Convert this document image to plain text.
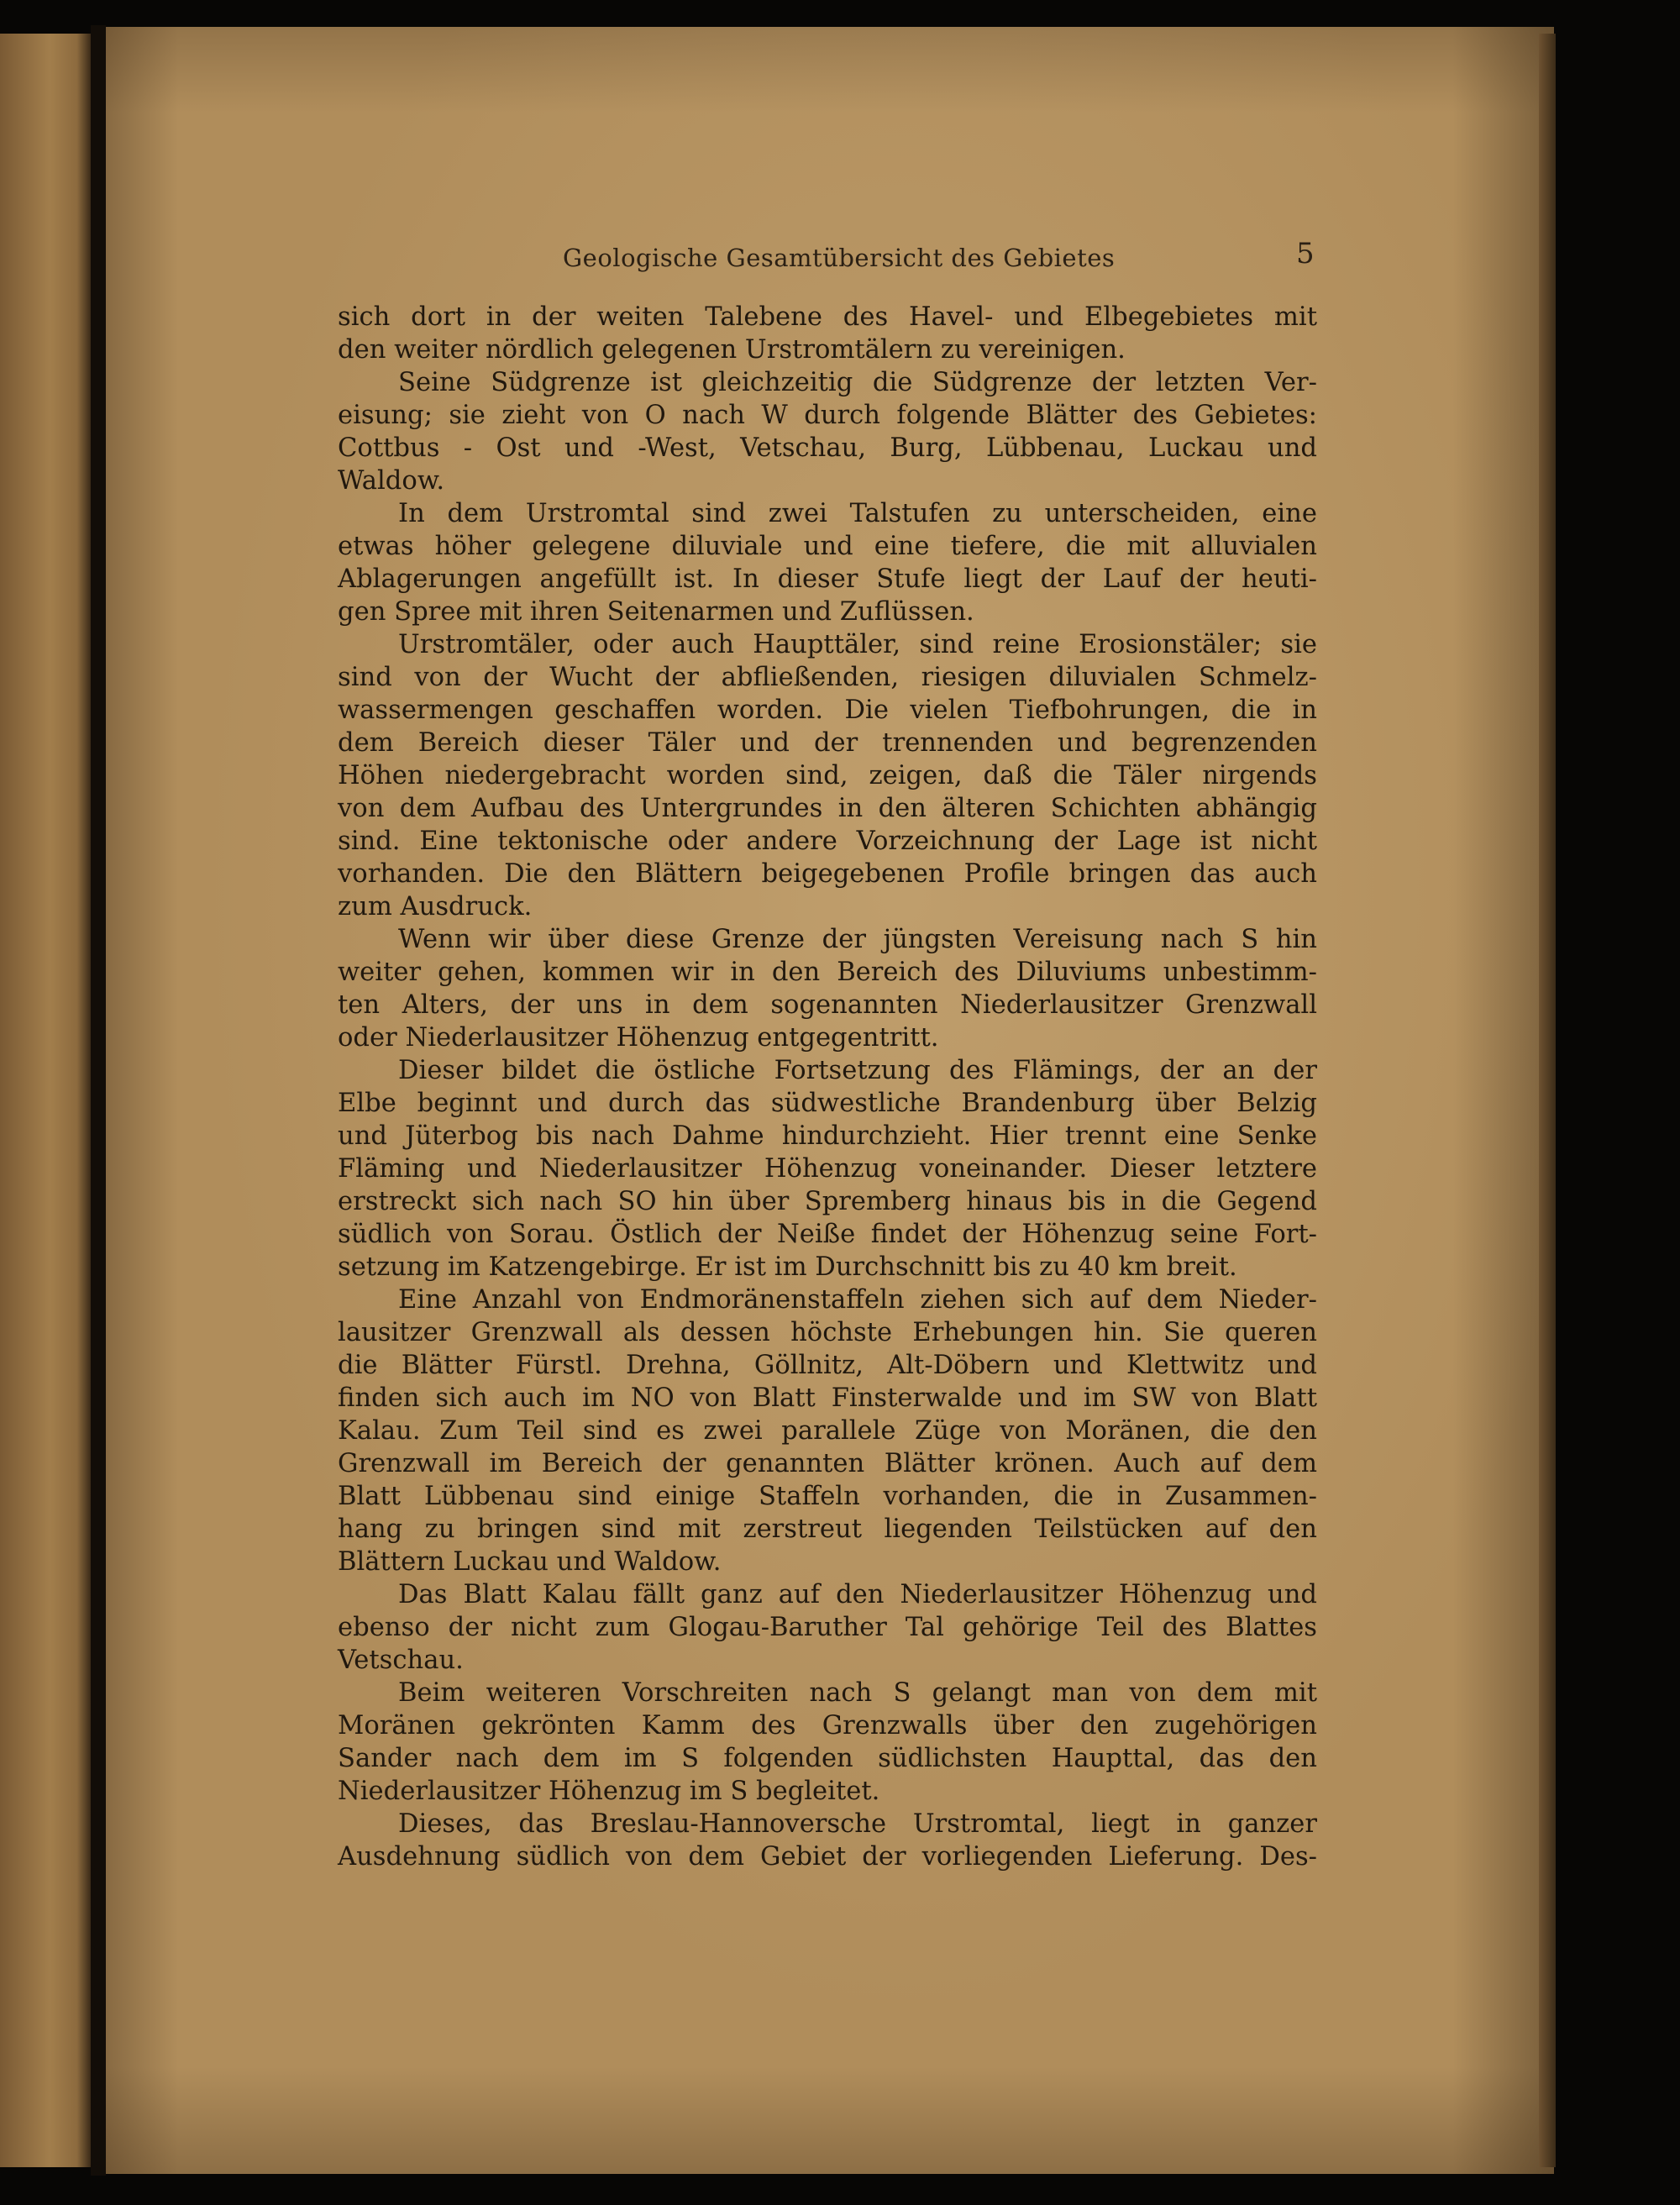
Geologische Gesamtübersicht des Gebietes	5
sich dort in der weiten Talebene des Havel- und Elbegebietes mit
den weiter nördlich gelegenen Urstromtälern zu vereinigen.
Seine Südgrenze ist gleichzeitig die Südgrenze der letzten Ver-
eisung; sie zieht von O nach W durch folgende Blätter des Gebietes:
Cottbus - Ost und -West, Vetschau, Burg, Lübbenau, Luckau und
Waldow.
In dem Urstromtal sind zwei Talstufen zu unterscheiden, eine
etwas höher gelegene diluviale und eine tiefere, die mit alluvialen
Ablagerungen angefüllt ist. In dieser Stufe liegt der Lauf der heuti-
gen Spree mit ihren Seitenarmen und Zuflüssen.
Urstromtäler, oder auch Haupttäler, sind reine Erosionstäler; sie
sind von der Wucht der abfließenden, riesigen diluvialen Schmelz-
wassermengen geschaffen worden. Die vielen Tiefbohrungen, die in
dem Bereich dieser Täler und der trennenden und begrenzenden
Höhen niedergebracht worden sind, zeigen, daß die Täler nirgends
von dem Aufbau des Untergrundes in den älteren Schichten abhängig
sind. Eine tektonische oder andere Vorzeichnung der Lage ist nicht
vorhanden. Die den Blättern beigegebenen Profile bringen das auch
zum Ausdruck.
Wenn wir über diese Grenze der jüngsten Vereisung nach S hin
weiter gehen, kommen wir in den Bereich des Diluviums unbestimm-
ten Alters, der uns in dem sogenannten Niederlausitzer Grenzwall
oder Niederlausitzer Höhenzug entgegentritt.
Dieser bildet die östliche Fortsetzung des Flämings, der an der
Elbe beginnt und durch das südwestliche Brandenburg über Belzig
und Jüterbog bis nach Dahme hindurchzieht. Hier trennt eine Senke
Fläming und Niederlausitzer Höhenzug voneinander. Dieser letztere
erstreckt sich nach SO hin über Spremberg hinaus bis in die Gegend
südlich von Sorau. Östlich der Neiße findet der Höhenzug seine Fort-
setzung im Katzengebirge. Er ist im Durchschnitt bis zu 40 km breit.
Eine Anzahl von Endmoränenstaffeln ziehen sich auf dem Nieder-
lausitzer Grenzwall als dessen höchste Erhebungen hin. Sie queren
die Blätter Fürstl. Drehna, Göllnitz, Alt-Döbern und Klettwitz und
finden sich auch im NO von Blatt Finsterwalde und im SW von Blatt
Kalau. Zum Teil sind es zwei parallele Züge von Moränen, die den
Grenzwall im Bereich der genannten Blätter krönen. Auch auf dem
Blatt Lübbenau sind einige Staffeln vorhanden, die in Zusammen-
hang zu bringen sind mit zerstreut liegenden Teilstücken auf den
Blättern Luckau und Waldow.
Das Blatt Kalau fällt ganz auf den Niederlausitzer Höhenzug und
ebenso der nicht zum Glogau-Baruther Tal gehörige Teil des Blattes
Vetschau.
Beim weiteren Vorschreiten nach S gelangt man von dem mit
Moränen gekrönten Kamm des Grenzwalls über den zugehörigen
Sander nach dem im S folgenden südlichsten Haupttal, das den
Niederlausitzer Höhenzug im S begleitet.
Dieses, das Breslau-Hannoversche Urstromtal, liegt in ganzer
Ausdehnung südlich von dem Gebiet der vorliegenden Lieferung. Des-
